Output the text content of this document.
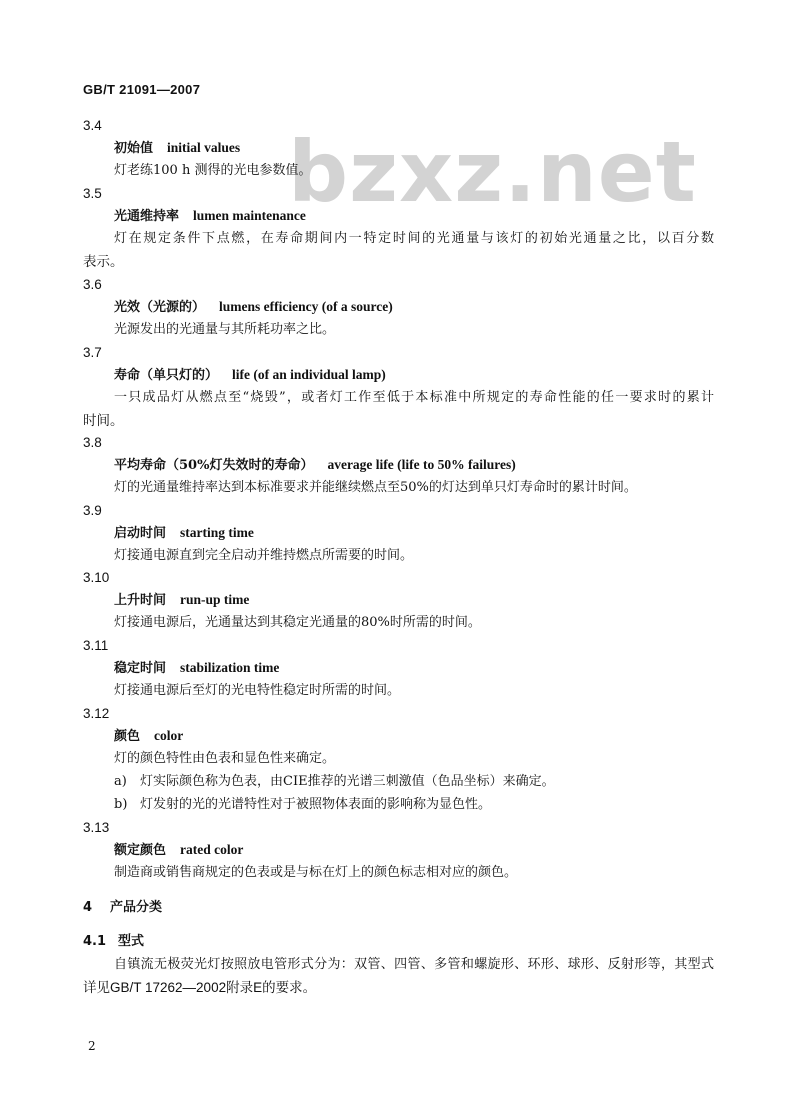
GB/T 21091—2007
bzxz.net
3.4
初始值 initial values
灯老练100 h 测得的光电参数值。
3.5
光通维持率 lumen maintenance
灯在规定条件下点燃，在寿命期间内一特定时间的光通量与该灯的初始光通量之比，以百分数
表示。
3.6
光效（光源的） lumens efficiency (of a source)
光源发出的光通量与其所耗功率之比。
3.7
寿命（单只灯的） life (of an individual lamp)
一只成品灯从燃点至“烧毁”，或者灯工作至低于本标准中所规定的寿命性能的任一要求时的累计
时间。
3.8
平均寿命（50%灯失效时的寿命） average life (life to 50% failures)
灯的光通量维持率达到本标准要求并能继续燃点至50%的灯达到单只灯寿命时的累计时间。
3.9
启动时间 starting time
灯接通电源直到完全启动并维持燃点所需要的时间。
3.10
上升时间 run-up time
灯接通电源后，光通量达到其稳定光通量的80%时所需的时间。
3.11
稳定时间 stabilization time
灯接通电源后至灯的光电特性稳定时所需的时间。
3.12
颜色 color
灯的颜色特性由色表和显色性来确定。
a) 灯实际颜色称为色表，由CIE推荐的光谱三刺激值（色品坐标）来确定。
b) 灯发射的光的光谱特性对于被照物体表面的影响称为显色性。
3.13
额定颜色 rated color
制造商或销售商规定的色表或是与标在灯上的颜色标志相对应的颜色。
4 产品分类
4.1 型式
自镇流无极荧光灯按照放电管形式分为：双管、四管、多管和螺旋形、环形、球形、反射形等，其型式
详见GB/T 17262—2002附录E的要求。
2
